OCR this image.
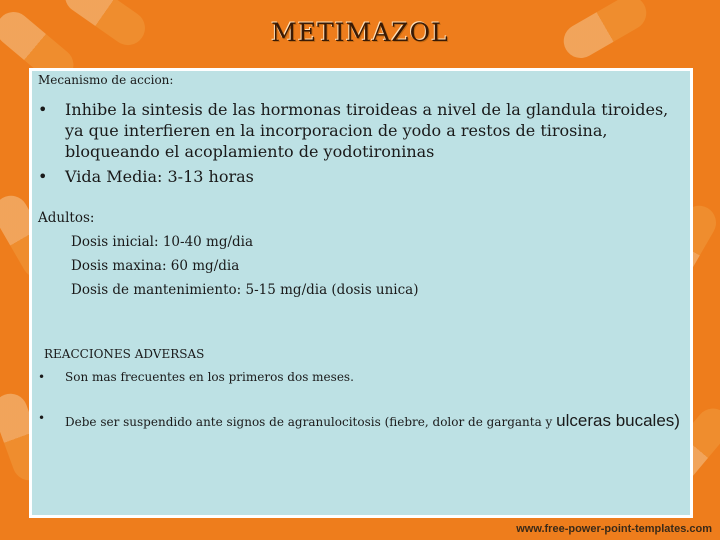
METIMAZOL
Mecanismo de accion:
• Inhibe la sintesis de las hormonas tiroideas a nivel de la glandula tiroides, ya que interfieren en la incorporacion de yodo a restos de tirosina, bloqueando el acoplamiento de yodotironinas
• Vida Media: 3-13 horas
Adultos:
Dosis inicial: 10-40 mg/dia
Dosis maxina: 60 mg/dia
Dosis de mantenimiento: 5-15 mg/dia (dosis unica)
REACCIONES ADVERSAS
• Son mas frecuentes en los primeros dos meses.
• Debe ser suspendido ante signos de agranulocitosis (fiebre, dolor de garganta y ulceras bucales)
www.free-power-point-templates.com
